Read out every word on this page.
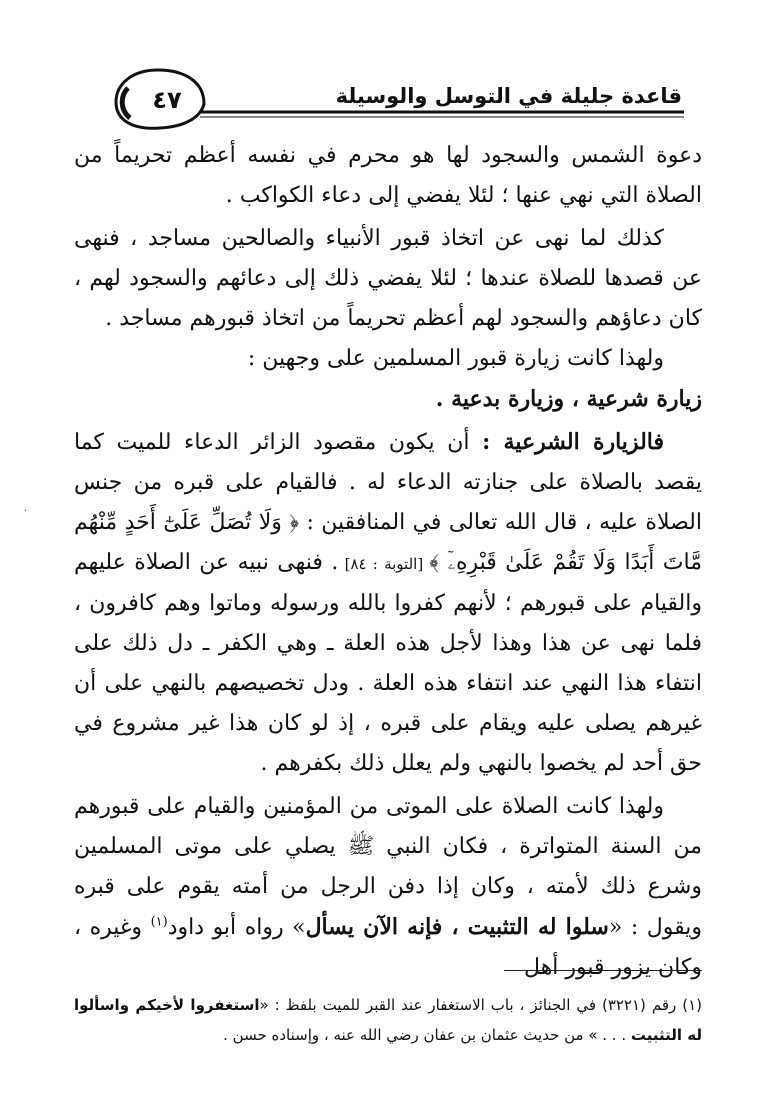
قاعدة جليلة في التوسل والوسيلة
٤٧
·

دعوة الشمس والسجود لها هو محرم في نفسه أعظم تحريماً من الصلاة التي نهي عنها ؛ لئلا يفضي إلى دعاء الكواكب .

كذلك لما نهى عن اتخاذ قبور الأنبياء والصالحين مساجد ، فنهى عن قصدها للصلاة عندها ؛ لئلا يفضي ذلك إلى دعائهم والسجود لهم ، كان دعاؤهم والسجود لهم أعظم تحريماً من اتخاذ قبورهم مساجد .

ولهذا كانت زيارة قبور المسلمين على وجهين :

زيارة شرعية ، وزيارة بدعية .

فالزيارة الشرعية : أن يكون مقصود الزائر الدعاء للميت كما يقصد بالصلاة على جنازته الدعاء له . فالقيام على قبره من جنس الصلاة عليه ، قال الله تعالى في المنافقين : ﴿ وَلَا تُصَلِّ عَلَىٰٓ أَحَدٍ مِّنْهُم مَّاتَ أَبَدًا وَلَا تَقُمْ عَلَىٰ قَبْرِهِۦٓ ﴾ [التوبة : ٨٤] . فنهى نبيه عن الصلاة عليهم والقيام على قبورهم ؛ لأنهم كفروا بالله ورسوله وماتوا وهم كافرون ، فلما نهى عن هذا وهذا لأجل هذه العلة ـ وهي الكفر ـ دل ذلك على انتفاء هذا النهي عند انتفاء هذه العلة . ودل تخصيصهم بالنهي على أن غيرهم يصلى عليه ويقام على قبره ، إذ لو كان هذا غير مشروع في حق أحد لم يخصوا بالنهي ولم يعلل ذلك بكفرهم .

ولهذا كانت الصلاة على الموتى من المؤمنين والقيام على قبورهم من السنة المتواترة ، فكان النبي ﷺ يصلي على موتى المسلمين وشرع ذلك لأمته ، وكان إذا دفن الرجل من أمته يقوم على قبره ويقول : «سلوا له التثبيت ، فإنه الآن يسأل» رواه أبو داود$^{(١)}$ وغيره ، وكان يزور قبور أهل

(١) رقم (٣٢٢١) في الجنائز ، باب الاستغفار عند القبر للميت بلفظ : «استغفروا لأخيكم واسألوا له التثبيت . . . » من حديث عثمان بن عفان رضي الله عنه ، وإسناده حسن .
